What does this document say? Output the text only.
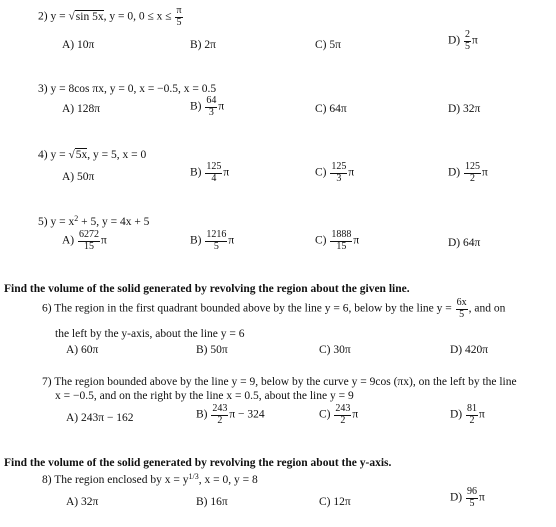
2) y = √sin 5x, y = 0, $0 \le x \le \frac{\pi}{5}$
A) 10π	B) 2π	C) 5π	$D) \frac{2}{5}$ π
3) y = 8cos πx, y = 0, x = −0.5, x = 0.5
A) 128π	$B) \frac{64}{3}$ π	C) 64π	D) 32π
4) y = √5x, y = 5, x = 0
A) 50π	$B) \frac{125}{4}$ π	$C) \frac{125}{3}$ π	$D) \frac{125}{2}$ π
5) $y = x^2 + 5$, y = 4x + 5
$A) \frac{6272}{15}$ π	$B) \frac{1216}{5}$ π	$C) \frac{1888}{15}$ π	D) 64π
Find the volume of the solid generated by revolving the region about the given line.
6) The region in the first quadrant bounded above by the line y = 6, below by the line $y = \frac{6x}{5}$ , and on
the left by the y-axis, about the line y = 6
A) 60π	B) 50π	C) 30π	D) 420π
7) The region bounded above by the line y = 9, below by the curve y = 9cos (πx), on the left by the line
x = −0.5, and on the right by the line x = 0.5, about the line y = 9
A) 243π − 162	$B) \frac{243}{2}$ π − 324	$C) \frac{243}{2}$ π	$D) \frac{81}{2}$ π
Find the volume of the solid generated by revolving the region about the y-axis.
8) The region enclosed by $x = y^{1/3}$, x = 0, y = 8
A) 32π	B) 16π	C) 12π	$D) \frac{96}{5}$ π
